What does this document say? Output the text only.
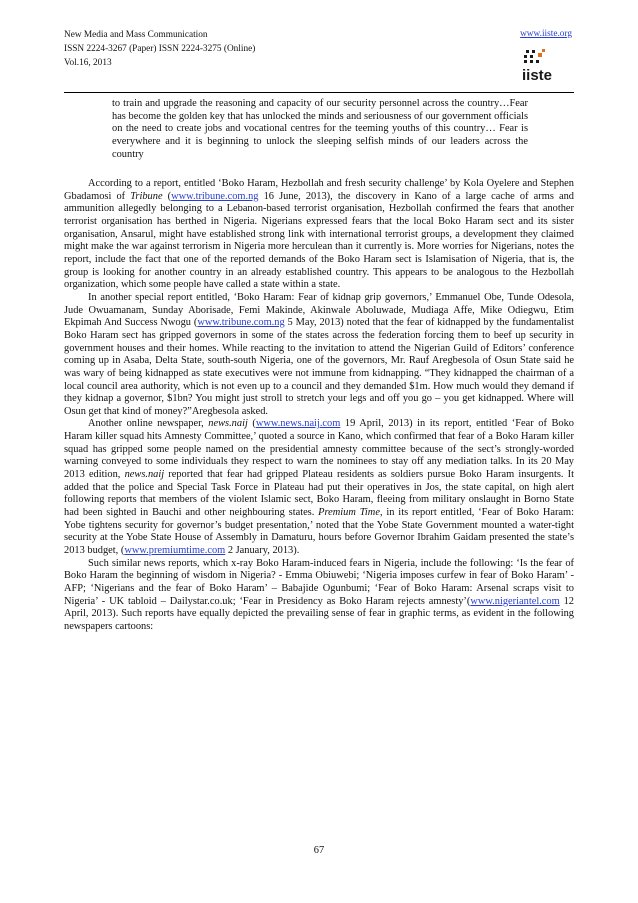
New Media and Mass Communication	www.iiste.org
ISSN 2224-3267 (Paper) ISSN 2224-3275 (Online)
Vol.16, 2013
iiste
to train and upgrade the reasoning and capacity of our security personnel across the country…Fear has become the golden key that has unlocked the minds and seriousness of our government officials on the need to create jobs and vocational centres for the teeming youths of this country… Fear is everywhere and it is beginning to unlock the sleeping selfish minds of our leaders across the country

According to a report, entitled ‘Boko Haram, Hezbollah and fresh security challenge’ by Kola Oyelere and Stephen Gbadamosi of Tribune (www.tribune.com.ng 16 June, 2013), the discovery in Kano of a large cache of arms and ammunition allegedly belonging to a Lebanon-based terrorist organisation, Hezbollah confirmed the fears that another terrorist organisation has berthed in Nigeria. Nigerians expressed fears that the local Boko Haram sect and its sister organisation, Ansarul, might have established strong link with international terrorist groups, a development they claimed might make the war against terrorism in Nigeria more herculean than it currently is. More worries for Nigerians, notes the report, include the fact that one of the reported demands of the Boko Haram sect is Islamisation of Nigeria, that is, the group is looking for another country in an already established country. This appears to be analogous to the Hezbollah organization, which some people have called a state within a state.

In another special report entitled, ‘Boko Haram: Fear of kidnap grip governors,’ Emmanuel Obe, Tunde Odesola, Jude Owuamanam, Sunday Aborisade, Femi Makinde, Akinwale Aboluwade, Mudiaga Affe, Mike Odiegwu, Etim Ekpimah And Success Nwogu (www.tribune.com.ng 5 May, 2013) noted that the fear of kidnapped by the fundamentalist Boko Haram sect has gripped governors in some of the states across the federation forcing them to beef up security in government houses and their homes. While reacting to the invitation to attend the Nigerian Guild of Editors’ conference coming up in Asaba, Delta State, south-south Nigeria, one of the governors, Mr. Rauf Aregbesola of Osun State said he was wary of being kidnapped as state executives were not immune from kidnapping. “They kidnapped the chairman of a local council area authority, which is not even up to a council and they demanded $1m. How much would they demand if they kidnap a governor, $1bn? You might just stroll to stretch your legs and off you go – you get kidnapped. Where will Osun get that kind of money?”Aregbesola asked.

Another online newspaper, news.naij (www.news.naij.com 19 April, 2013) in its report, entitled ‘Fear of Boko Haram killer squad hits Amnesty Committee,’ quoted a source in Kano, which confirmed that fear of a Boko Haram killer squad has gripped some people named on the presidential amnesty committee because of the sect’s strongly-worded warning conveyed to some individuals they respect to warn the nominees to stay off any mediation talks. In its 20 May 2013 edition, news.naij reported that fear had gripped Plateau residents as soldiers pursue Boko Haram insurgents. It added that the police and Special Task Force in Plateau had put their operatives in Jos, the state capital, on high alert following reports that members of the violent Islamic sect, Boko Haram, fleeing from military onslaught in Borno State had been sighted in Bauchi and other neighbouring states. Premium Time, in its report entitled, ‘Fear of Boko Haram: Yobe tightens security for governor’s budget presentation,’ noted that the Yobe State Government mounted a water-tight security at the Yobe State House of Assembly in Damaturu, hours before Governor Ibrahim Gaidam presented the state’s 2013 budget, (www.premiumtime.com 2 January, 2013).

Such similar news reports, which x-ray Boko Haram-induced fears in Nigeria, include the following: ‘Is the fear of Boko Haram the beginning of wisdom in Nigeria? - Emma Obiuwebi; ‘Nigeria imposes curfew in fear of Boko Haram’ - AFP; ‘Nigerians and the fear of Boko Haram’ – Babajide Ogunbumi; ‘Fear of Boko Haram: Arsenal scraps visit to Nigeria’ - UK tabloid – Dailystar.co.uk; ‘Fear in Presidency as Boko Haram rejects amnesty’(www.nigeriantel.com 12 April, 2013). Such reports have equally depicted the prevailing sense of fear in graphic terms, as evident in the following newspapers cartoons:

67
